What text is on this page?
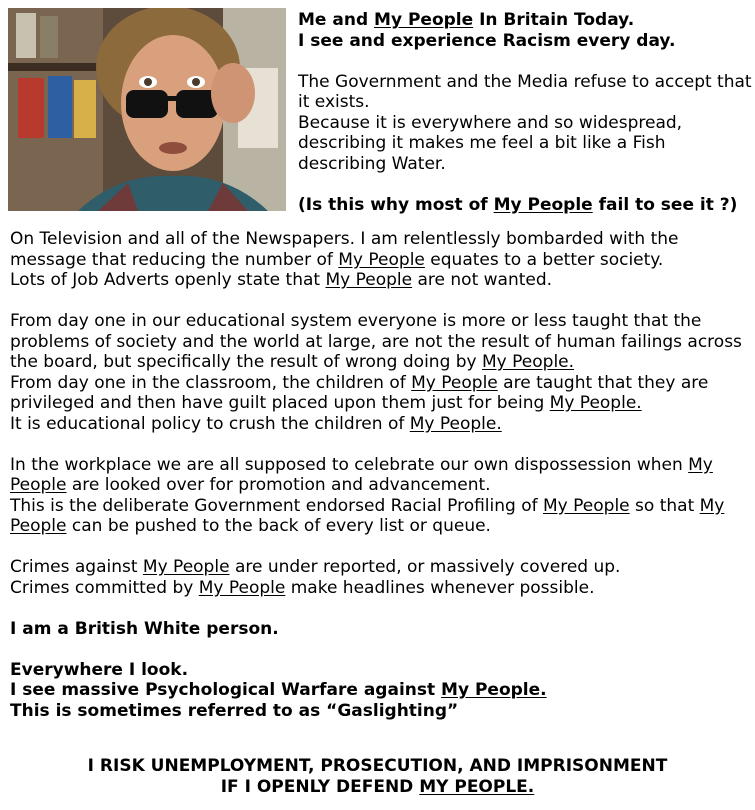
Me and My People In Britain Today.

I see and experience Racism every day.

The Government and the Media refuse to accept that it exists.

Because it is everywhere and so widespread, describing it makes me feel a bit like a Fish describing Water.

(Is this why most of My People fail to see it ?)

On Television and all of the Newspapers. I am relentlessly bombarded with the message that reducing the number of My People equates to a better society.
Lots of Job Adverts openly state that My People are not wanted.

From day one in our educational system everyone is more or less taught that the problems of society and the world at large, are not the result of human failings across the board, but specifically the result of wrong doing by My People.
From day one in the classroom, the children of My People are taught that they are privileged and then have guilt placed upon them just for being My People.
It is educational policy to crush the children of My People.

In the workplace we are all supposed to celebrate our own dispossession when My People are looked over for promotion and advancement.
This is the deliberate Government endorsed Racial Profiling of My People so that My People can be pushed to the back of every list or queue.

Crimes against My People are under reported, or massively covered up.
Crimes committed by My People make headlines whenever possible.

I am a British White person.

Everywhere I look.
I see massive Psychological Warfare against My People.
This is sometimes referred to as “Gaslighting”

I RISK UNEMPLOYMENT, PROSECUTION, AND IMPRISONMENT

IF I OPENLY DEFEND MY PEOPLE.
